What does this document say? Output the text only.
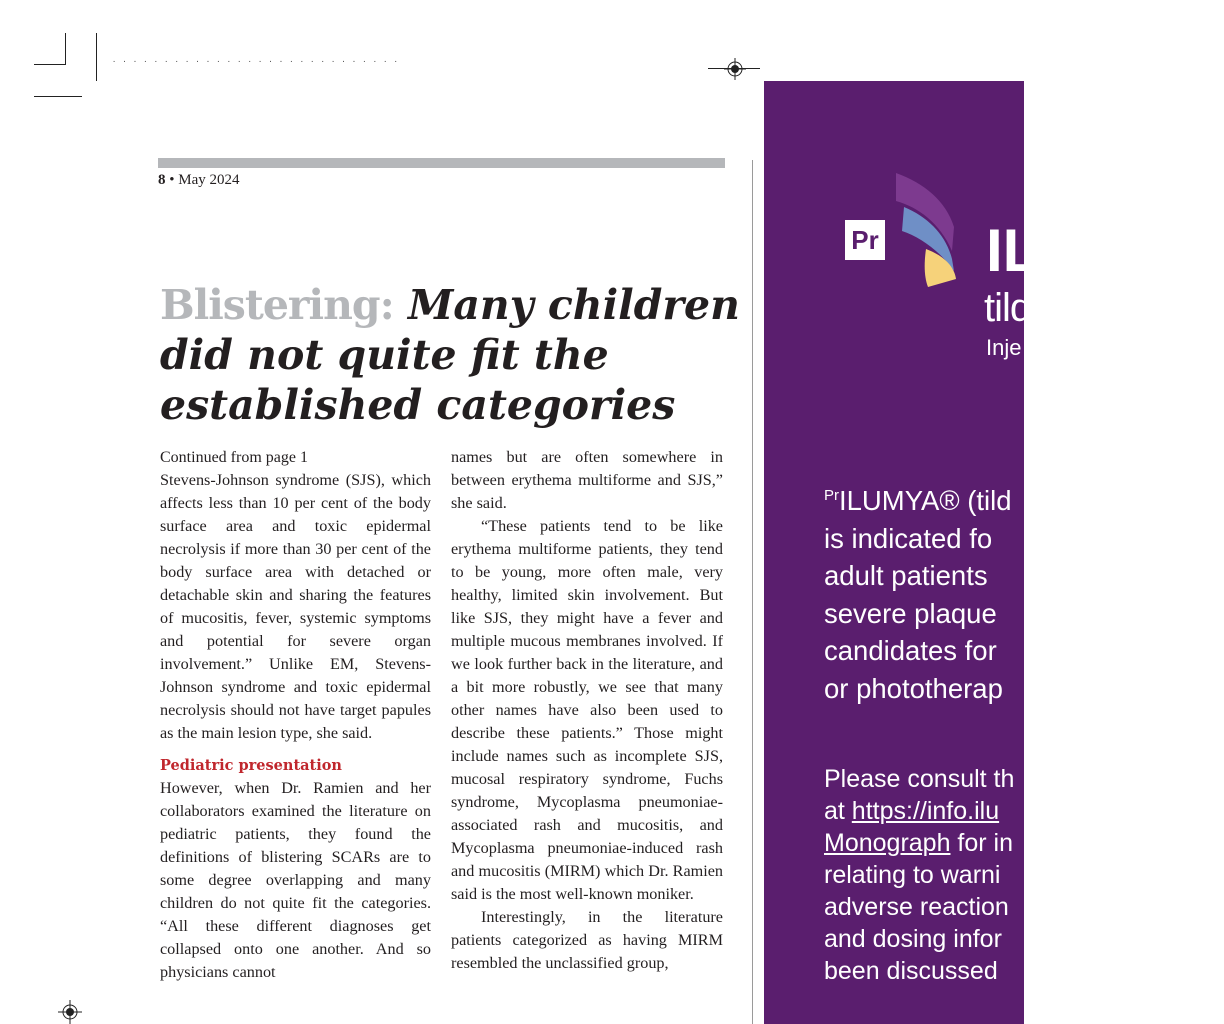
· · · · · · · · · · · · · · · · · · · · · · · · · · · ·
8 • May 2024
Blistering: Many children did not quite fit the established categories

Continued from page 1

Stevens-Johnson syndrome (SJS), which affects less than 10 per cent of the body surface area and toxic epidermal necrolysis if more than 30 per cent of the body surface area with detached or detachable skin and sharing the features of mucositis, fever, systemic symptoms and potential for severe organ involvement.” Unlike EM, Stevens-Johnson syndrome and toxic epidermal necrolysis should not have target papules as the main lesion type, she said.

Pediatric presentation

However, when Dr. Ramien and her collaborators examined the literature on pediatric patients, they found the definitions of blistering SCARs are to some degree overlapping and many children do not quite fit the categories. “All these different diagnoses get collapsed onto one another. And so physicians cannot

names but are often somewhere in between erythema multiforme and SJS,” she said.

“These patients tend to be like erythema multiforme patients, they tend to be young, more often male, very healthy, limited skin involvement. But like SJS, they might have a fever and multiple mucous membranes involved. If we look further back in the literature, and a bit more robustly, we see that many other names have also been used to describe these patients.” Those might include names such as incomplete SJS, mucosal respiratory syndrome, Fuchs syndrome, Mycoplasma pneumoniae-associated rash and mucositis, and Mycoplasma pneumoniae-induced rash and mucositis (MIRM) which Dr. Ramien said is the most well-known moniker.

Interestingly, in the literature patients categorized as having MIRM resembled the unclassified group,

Pr IL
tild
Inje
$^{Pr}$ILUMYA® (tild
is indicated fo
adult patients
severe plaque
candidates for
or phototherap
Please consult th
at https://info.ilu
Monograph for in
relating to warni
adverse reaction
and dosing infor
been discussed
